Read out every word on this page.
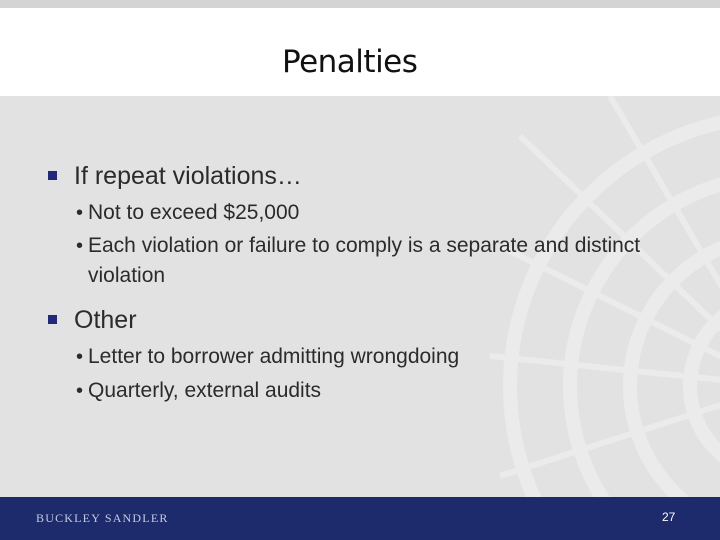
Penalties
If repeat violations…
• Not to exceed $25,000
• Each violation or failure to comply is a separate and distinct violation
Other
• Letter to borrower admitting wrongdoing
• Quarterly, external audits
BUCKLEY SANDLER	27
